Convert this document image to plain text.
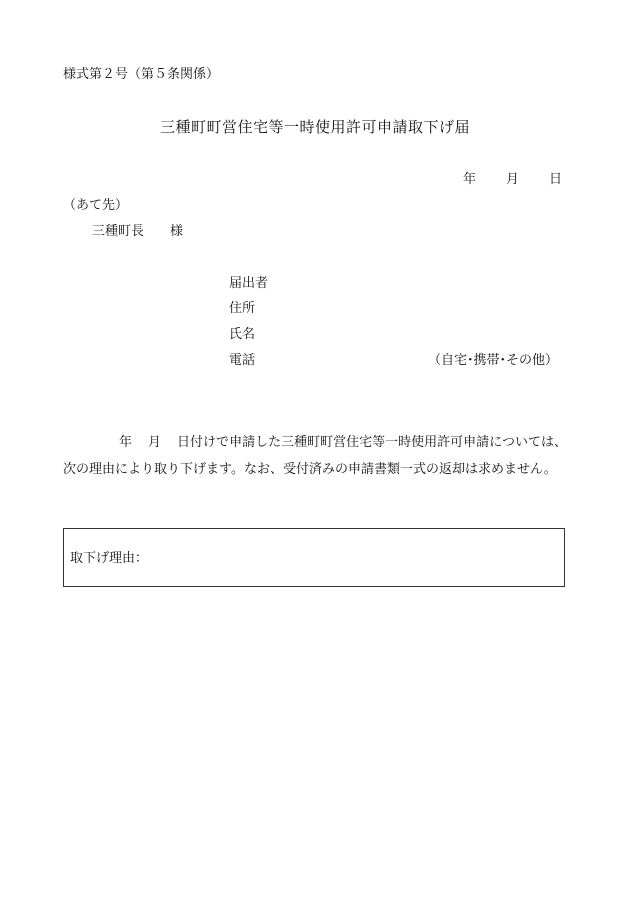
様式第２号（第５条関係）
三種町町営住宅等一時使用許可申請取下げ届
年 月 日
（あて先）
三種町長 様
届出者
住所
氏名
電話	（自宅･携帯･その他）
年 月 日付けで申請した三種町町営住宅等一時使用許可申請については、次の理由により取り下げます。なお、受付済みの申請書類一式の返却は求めません。
取下げ理由：
